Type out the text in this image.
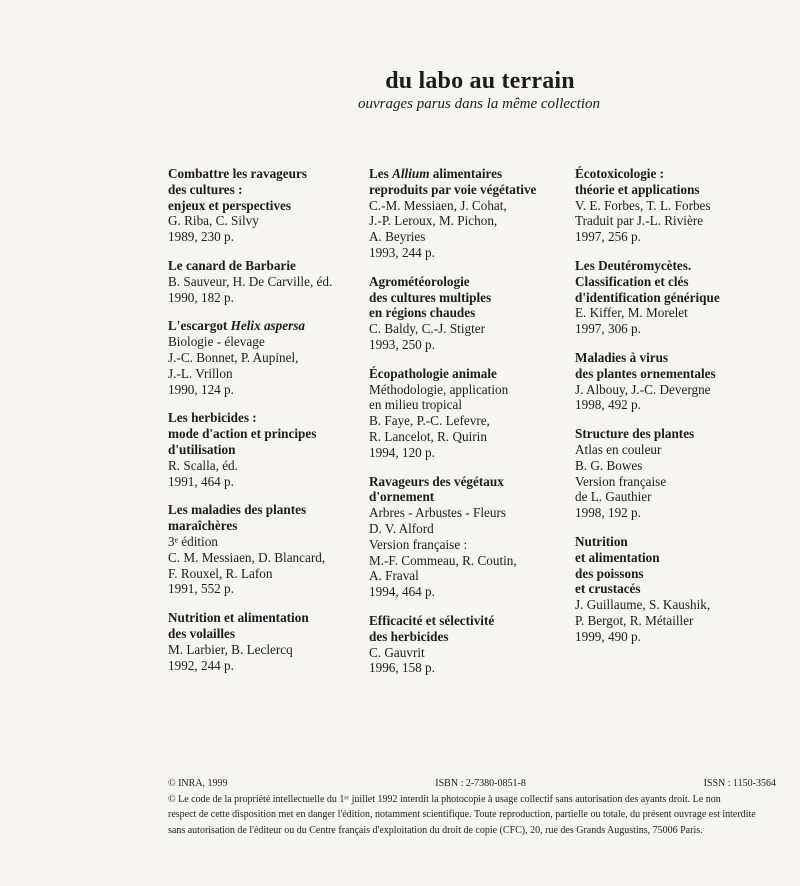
du labo au terrain
ouvrages parus dans la même collection
Combattre les ravageurs
des cultures :
enjeux et perspectives
G. Riba, C. Silvy
1989, 230 p.
Le canard de Barbarie
B. Sauveur, H. De Carville, éd.
1990, 182 p.
L'escargot Helix aspersa
Biologie - élevage
J.-C. Bonnet, P. Aupinel,
J.-L. Vrillon
1990, 124 p.
Les herbicides :
mode d'action et principes
d'utilisation
R. Scalla, éd.
1991, 464 p.
Les maladies des plantes
maraîchères
3ᵉ édition
C. M. Messiaen, D. Blancard,
F. Rouxel, R. Lafon
1991, 552 p.
Nutrition et alimentation
des volailles
M. Larbier, B. Leclercq
1992, 244 p.
Les Allium alimentaires
reproduits par voie végétative
C.-M. Messiaen, J. Cohat,
J.-P. Leroux, M. Pichon,
A. Beyries
1993, 244 p.
Agrométéorologie
des cultures multiples
en régions chaudes
C. Baldy, C.-J. Stigter
1993, 250 p.
Écopathologie animale
Méthodologie, application
en milieu tropical
B. Faye, P.-C. Lefevre,
R. Lancelot, R. Quirin
1994, 120 p.
Ravageurs des végétaux
d'ornement
Arbres - Arbustes - Fleurs
D. V. Alford
Version française :
M.-F. Commeau, R. Coutin,
A. Fraval
1994, 464 p.
Efficacité et sélectivité
des herbicides
C. Gauvrit
1996, 158 p.
Écotoxicologie :
théorie et applications
V. E. Forbes, T. L. Forbes
Traduit par J.-L. Rivière
1997, 256 p.
Les Deutéromycètes.
Classification et clés
d'identification générique
E. Kiffer, M. Morelet
1997, 306 p.
Maladies à virus
des plantes ornementales
J. Albouy, J.-C. Devergne
1998, 492 p.
Structure des plantes
Atlas en couleur
B. G. Bowes
Version française
de L. Gauthier
1998, 192 p.
Nutrition
et alimentation
des poissons
et crustacés
J. Guillaume, S. Kaushik,
P. Bergot, R. Métailler
1999, 490 p.
© INRA, 1999	ISBN : 2-7380-0851-8	ISSN : 1150-3564
© Le code de la propriété intellectuelle du 1ᵉʳ juillet 1992 interdit la photocopie à usage collectif sans autorisation des ayants droit. Le non
respect de cette disposition met en danger l'édition, notamment scientifique. Toute reproduction, partielle ou totale, du présent ouvrage est interdite
sans autorisation de l'éditeur ou du Centre français d'exploitation du droit de copie (CFC), 20, rue des Grands Augustins, 75006 Paris.
